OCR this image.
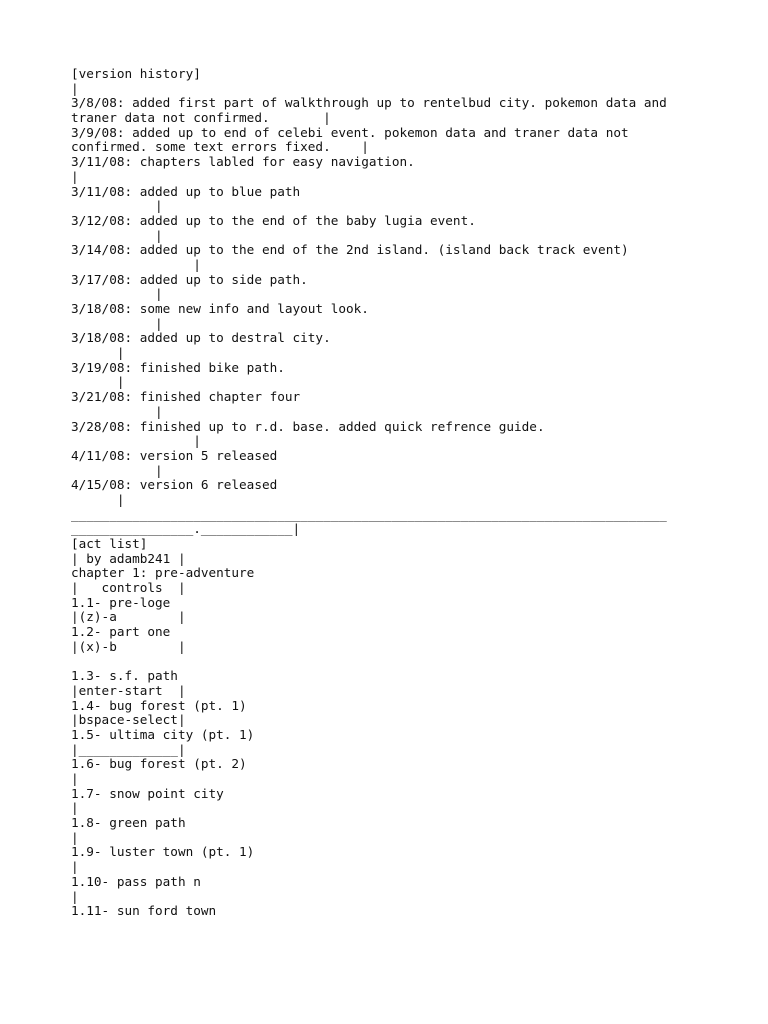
[version history]
|
3/8/08: added first part of walkthrough up to rentelbud city. pokemon data and
traner data not confirmed.       |
3/9/08: added up to end of celebi event. pokemon data and traner data not
confirmed. some text errors fixed.    |
3/11/08: chapters labled for easy navigation.
|
3/11/08: added up to blue path
|
3/12/08: added up to the end of the baby lugia event.
|
3/14/08: added up to the end of the 2nd island. (island back track event)
|
3/17/08: added up to side path.
|
3/18/08: some new info and layout look.
|
3/18/08: added up to destral city.
|
3/19/08: finished bike path.
|
3/21/08: finished chapter four
|
3/28/08: finished up to r.d. base. added quick refrence guide.
|
4/11/08: version 5 released
|
4/15/08: version 6 released
|
______________________________________________________________________________
________________.____________|
[act list]
| by adamb241 |
chapter 1: pre-adventure
|   controls  |
1.1- pre-loge
|(z)-a        |
1.2- part one
|(x)-b        |
1.3- s.f. path
|enter-start  |
1.4- bug forest (pt. 1)
|bspace-select|
1.5- ultima city (pt. 1)
|_____________|
1.6- bug forest (pt. 2)
|
1.7- snow point city
|
1.8- green path
|
1.9- luster town (pt. 1)
|
1.10- pass path n
|
1.11- sun ford town
